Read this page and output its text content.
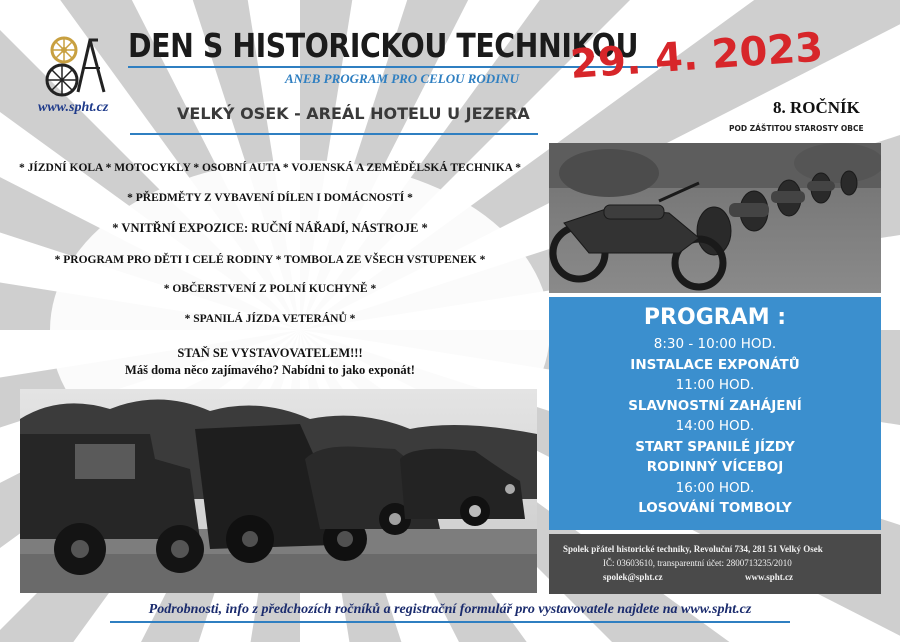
www.spht.cz
DEN S HISTORICKOU TECHNIKOU
ANEB PROGRAM PRO CELOU RODINU
VELKÝ OSEK - AREÁL HOTELU U JEZERA
29. 4. 2023
8. ROČNÍK
POD ZÁŠTITOU STAROSTY OBCE
* JÍZDNÍ KOLA * MOTOCYKLY * OSOBNÍ AUTA * VOJENSKÁ A ZEMĚDĚLSKÁ TECHNIKA *
* PŘEDMĚTY Z VYBAVENÍ DÍLEN I DOMÁCNOSTÍ *
* VNITŘNÍ EXPOZICE: RUČNÍ NÁŘADÍ, NÁSTROJE *
* PROGRAM PRO DĚTI I CELÉ RODINY * TOMBOLA ZE VŠECH VSTUPENEK *
* OBČERSTVENÍ Z POLNÍ KUCHYNĚ *
* SPANILÁ JÍZDA VETERÁNŮ *
STAŇ SE VYSTAVOVATELEM!!!
Máš doma něco zajímavého? Nabídni to jako exponát!
PROGRAM :
8:30 - 10:00 HOD.
INSTALACE EXPONÁTŮ
11:00 HOD.
SLAVNOSTNÍ ZAHÁJENÍ
14:00 HOD.
START SPANILÉ JÍZDY
RODINNÝ VÍCEBOJ
16:00 HOD.
LOSOVÁNÍ TOMBOLY
Spolek přátel historické techniky, Revoluční 734, 281 51 Velký Osek
IČ: 03603610, transparentní účet: 2800713235/2010
spolek@spht.cz	www.spht.cz
Podrobnosti, info z předchozích ročníků a registrační formulář pro vystavovatele najdete na www.spht.cz
